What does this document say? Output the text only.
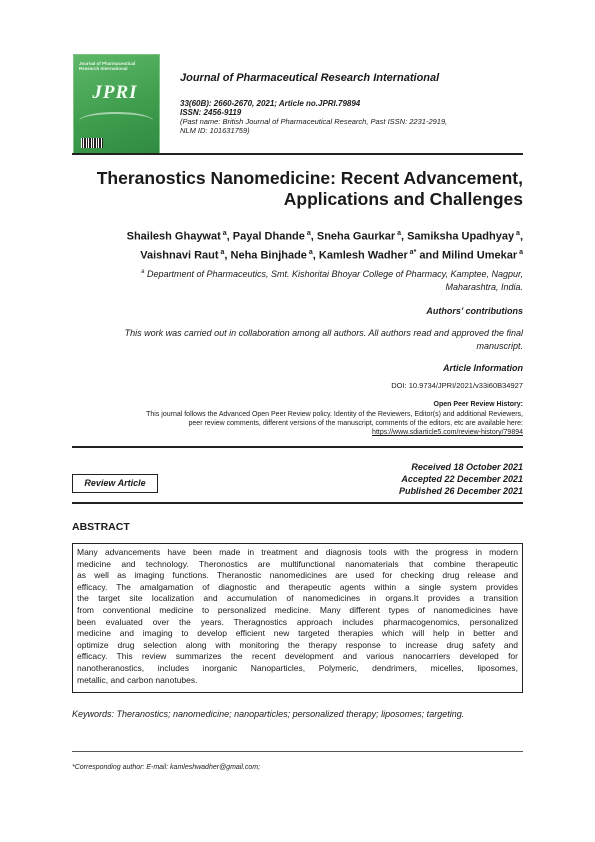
Journal of Pharmaceutical Research International
JPRI
Journal of Pharmaceutical Research International
33(60B): 2660-2670, 2021; Article no.JPRI.79894
ISSN: 2456-9119
(Past name: British Journal of Pharmaceutical Research, Past ISSN: 2231-2919,
NLM ID: 101631759)
Theranostics Nanomedicine: Recent Advancement,
Applications and Challenges
Shailesh Ghaywat $^a$, Payal Dhande $^a$, Sneha Gaurkar $^a$, Samiksha Upadhyay $^a$,
Vaishnavi Raut $^a$, Neha Binjhade $^a$, Kamlesh Wadher $^{a*}$ and Milind Umekar $^a$
$^a$ Department of Pharmaceutics, Smt. Kishoritai Bhoyar College of Pharmacy, Kamptee, Nagpur,
Maharashtra, India.
Authors’ contributions
This work was carried out in collaboration among all authors. All authors read and approved the final
manuscript.
Article Information
DOI: 10.9734/JPRI/2021/v33i60B34927
Open Peer Review History:
This journal follows the Advanced Open Peer Review policy. Identity of the Reviewers, Editor(s) and additional Reviewers,
peer review comments, different versions of the manuscript, comments of the editors, etc are available here:
https://www.sdiarticle5.com/review-history/79894
Review Article
Received 18 October 2021
Accepted 22 December 2021
Published 26 December 2021
ABSTRACT
Many advancements have been made in treatment and diagnosis tools with the progress in modern
medicine and technology. Theronostics are multifunctional nanomaterials that combine therapeutic
as well as imaging functions. Theranostic nanomedicines are used for checking drug release and
efficacy. The amalgamation of diagnostic and therapeutic agents within a single system provides
the target site localization and accumulation of nanomedicines in organs.It provides a transition
from conventional medicine to personalized medicine. Many different types of nanomedicines have
been evaluated over the years. Theragnostics approach includes pharmacogenomics, personalized
medicine and imaging to develop efficient new targeted therapies which will help in better and
optimize drug selection along with monitoring the therapy response to increase drug safety and
efficacy. This review summarizes the recent development and various nanocarriers developed for
nanotheranostics, includes inorganic Nanoparticles, Polymeric, dendrimers, micelles, liposomes,
metallic, and carbon nanotubes.
Keywords: Theranostics; nanomedicine; nanoparticles; personalized therapy; liposomes; targeting.
*Corresponding author: E-mail: kamleshwadher@gmail.com;
